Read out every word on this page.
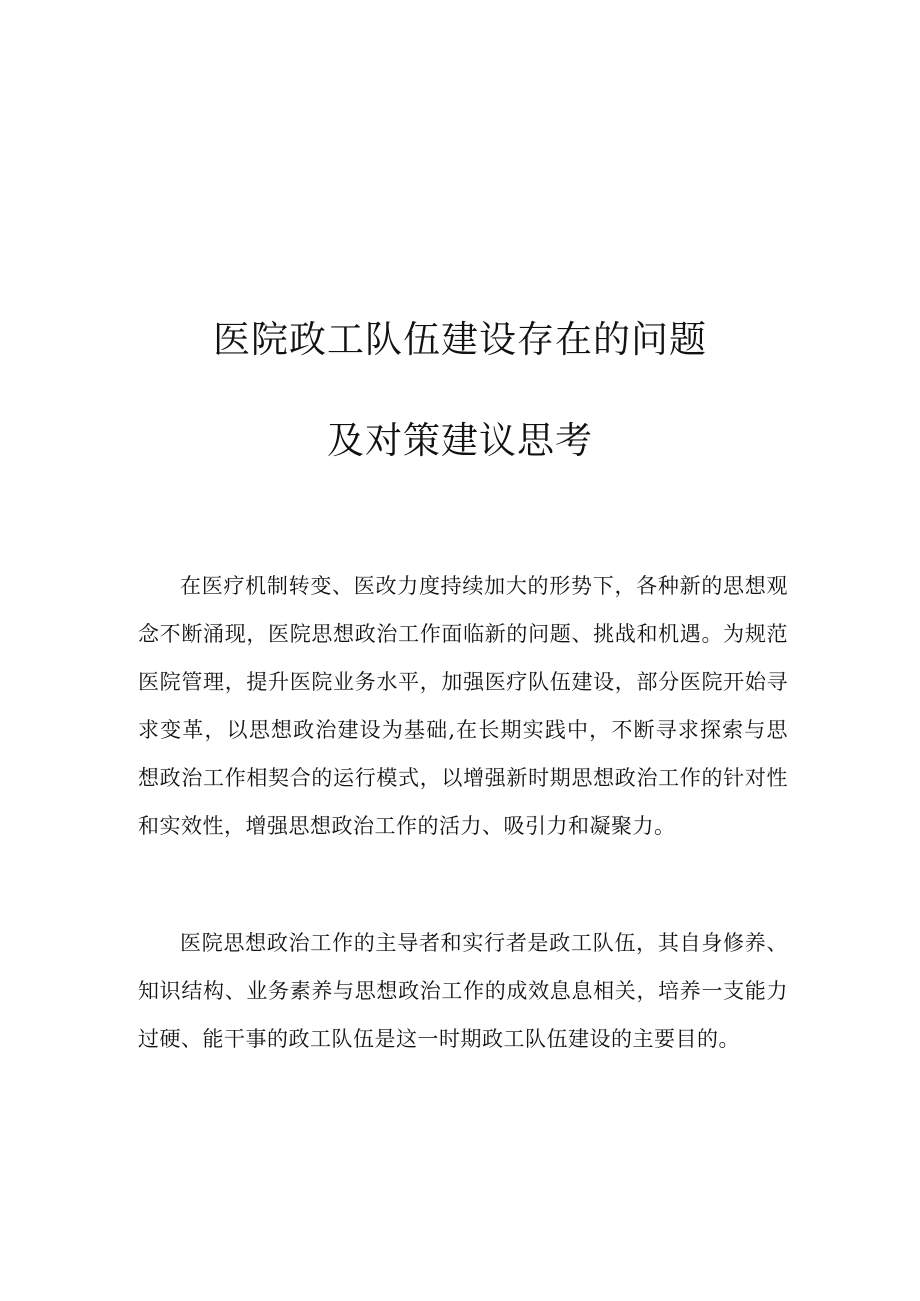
医院政工队伍建设存在的问题
及对策建议思考

在医疗机制转变、医改力度持续加大的形势下，各种新的思想观念不断涌现，医院思想政治工作面临新的问题、挑战和机遇。为规范医院管理，提升医院业务水平，加强医疗队伍建设，部分医院开始寻求变革，以思想政治建设为基础,在长期实践中，不断寻求探索与思想政治工作相契合的运行模式，以增强新时期思想政治工作的针对性和实效性，增强思想政治工作的活力、吸引力和凝聚力。

医院思想政治工作的主导者和实行者是政工队伍，其自身修养、知识结构、业务素养与思想政治工作的成效息息相关，培养一支能力过硬、能干事的政工队伍是这一时期政工队伍建设的主要目的。
